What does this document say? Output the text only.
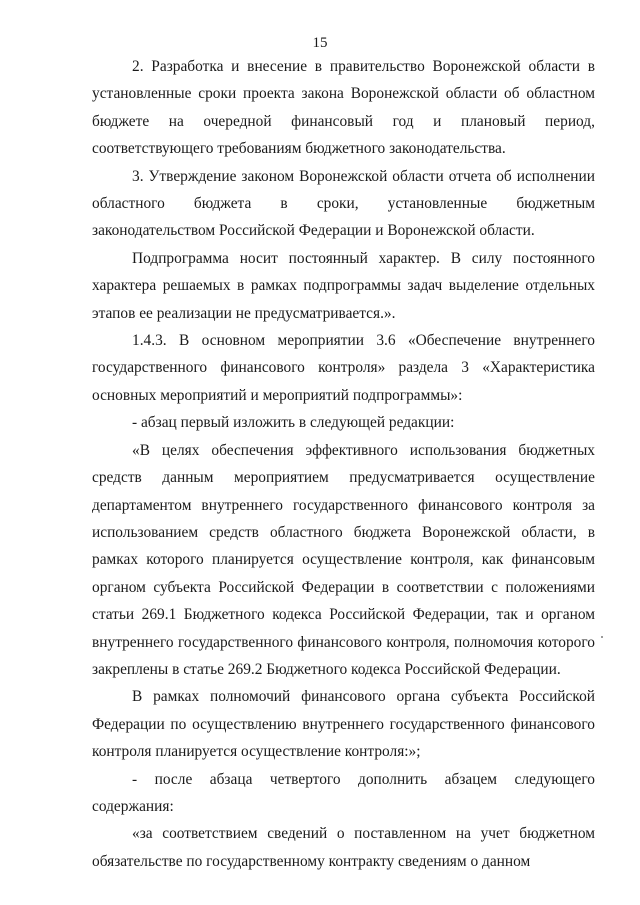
15

2. Разработка и внесение в правительство Воронежской области в установленные сроки проекта закона Воронежской области об областном бюджете на очередной финансовый год и плановый период, соответствующего требованиям бюджетного законодательства.

3. Утверждение законом Воронежской области отчета об исполнении областного бюджета в сроки, установленные бюджетным законодательством Российской Федерации и Воронежской области.

Подпрограмма носит постоянный характер. В силу постоянного характера решаемых в рамках подпрограммы задач выделение отдельных этапов ее реализации не предусматривается.».

1.4.3. В основном мероприятии 3.6 «Обеспечение внутреннего государственного финансового контроля» раздела 3 «Характеристика основных мероприятий и мероприятий подпрограммы»:

- абзац первый изложить в следующей редакции:

«В целях обеспечения эффективного использования бюджетных средств данным мероприятием предусматривается осуществление департаментом внутреннего государственного финансового контроля за использованием средств областного бюджета Воронежской области, в рамках которого планируется осуществление контроля, как финансовым органом субъекта Российской Федерации в соответствии с положениями статьи 269.1 Бюджетного кодекса Российской Федерации, так и органом внутреннего государственного финансового контроля, полномочия которого закреплены в статье 269.2 Бюджетного кодекса Российской Федерации.

В рамках полномочий финансового органа субъекта Российской Федерации по осуществлению внутреннего государственного финансового контроля планируется осуществление контроля:»;

- после абзаца четвертого дополнить абзацем следующего содержания:

«за соответствием сведений о поставленном на учет бюджетном обязательстве по государственному контракту сведениям о данном
